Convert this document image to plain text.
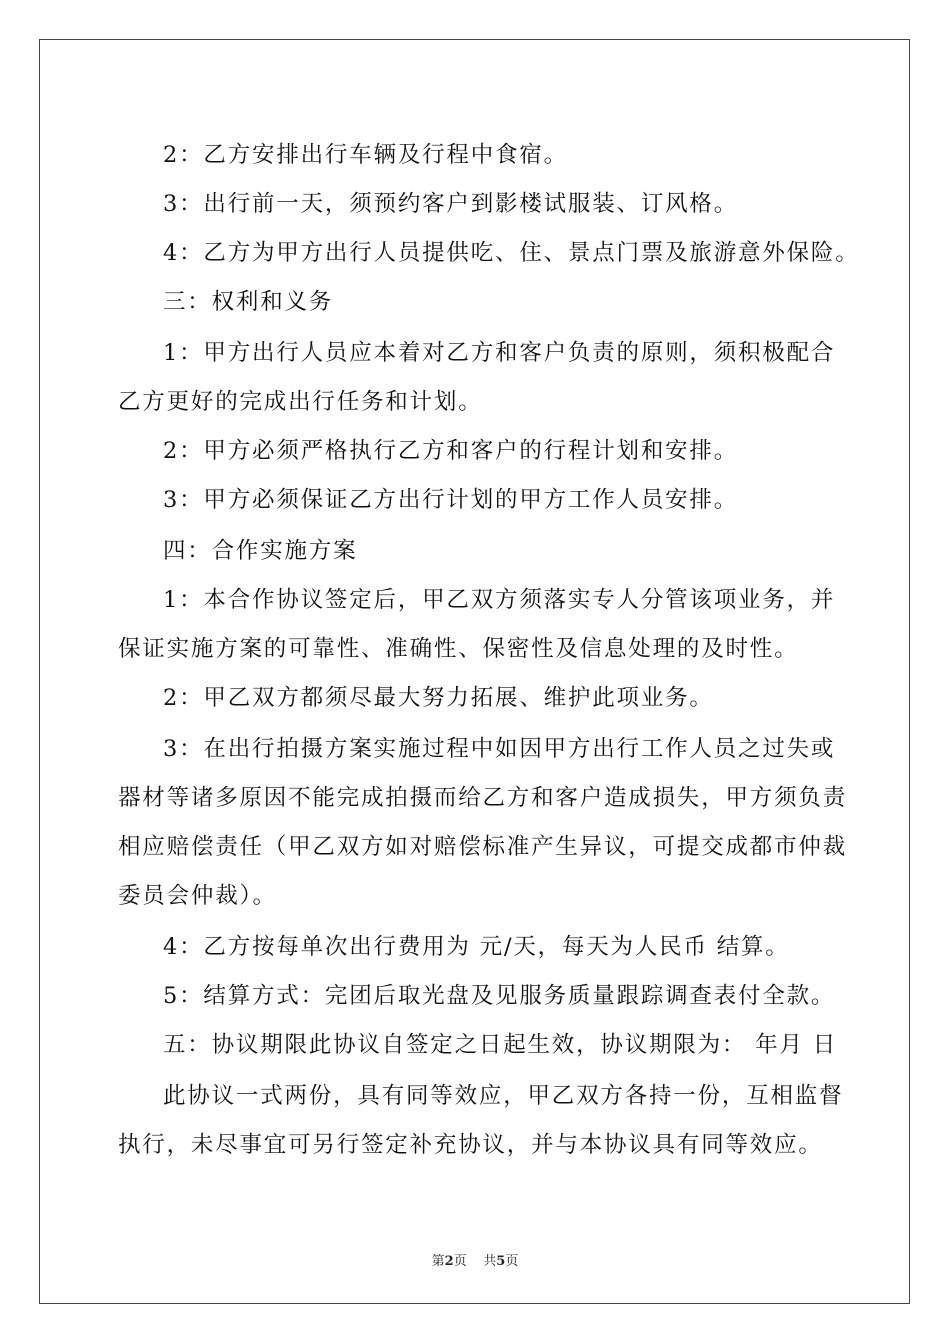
2：乙方安排出行车辆及行程中食宿。
3：出行前一天，须预约客户到影楼试服装、订风格。
4：乙方为甲方出行人员提供吃、住、景点门票及旅游意外保险。
三：权利和义务
1：甲方出行人员应本着对乙方和客户负责的原则，须积极配合
乙方更好的完成出行任务和计划。
2：甲方必须严格执行乙方和客户的行程计划和安排。
3：甲方必须保证乙方出行计划的甲方工作人员安排。
四：合作实施方案
1：本合作协议签定后，甲乙双方须落实专人分管该项业务，并
保证实施方案的可靠性、准确性、保密性及信息处理的及时性。
2：甲乙双方都须尽最大努力拓展、维护此项业务。
3：在出行拍摄方案实施过程中如因甲方出行工作人员之过失或
器材等诸多原因不能完成拍摄而给乙方和客户造成损失，甲方须负责
相应赔偿责任（甲乙双方如对赔偿标准产生异议，可提交成都市仲裁
委员会仲裁）。
4：乙方按每单次出行费用为 元/天，每天为人民币 结算。
5：结算方式：完团后取光盘及见服务质量跟踪调查表付全款。
五：协议期限此协议自签定之日起生效，协议期限为： 年月 日
此协议一式两份，具有同等效应，甲乙双方各持一份，互相监督
执行，未尽事宜可另行签定补充协议，并与本协议具有同等效应。
第2页 共5页
